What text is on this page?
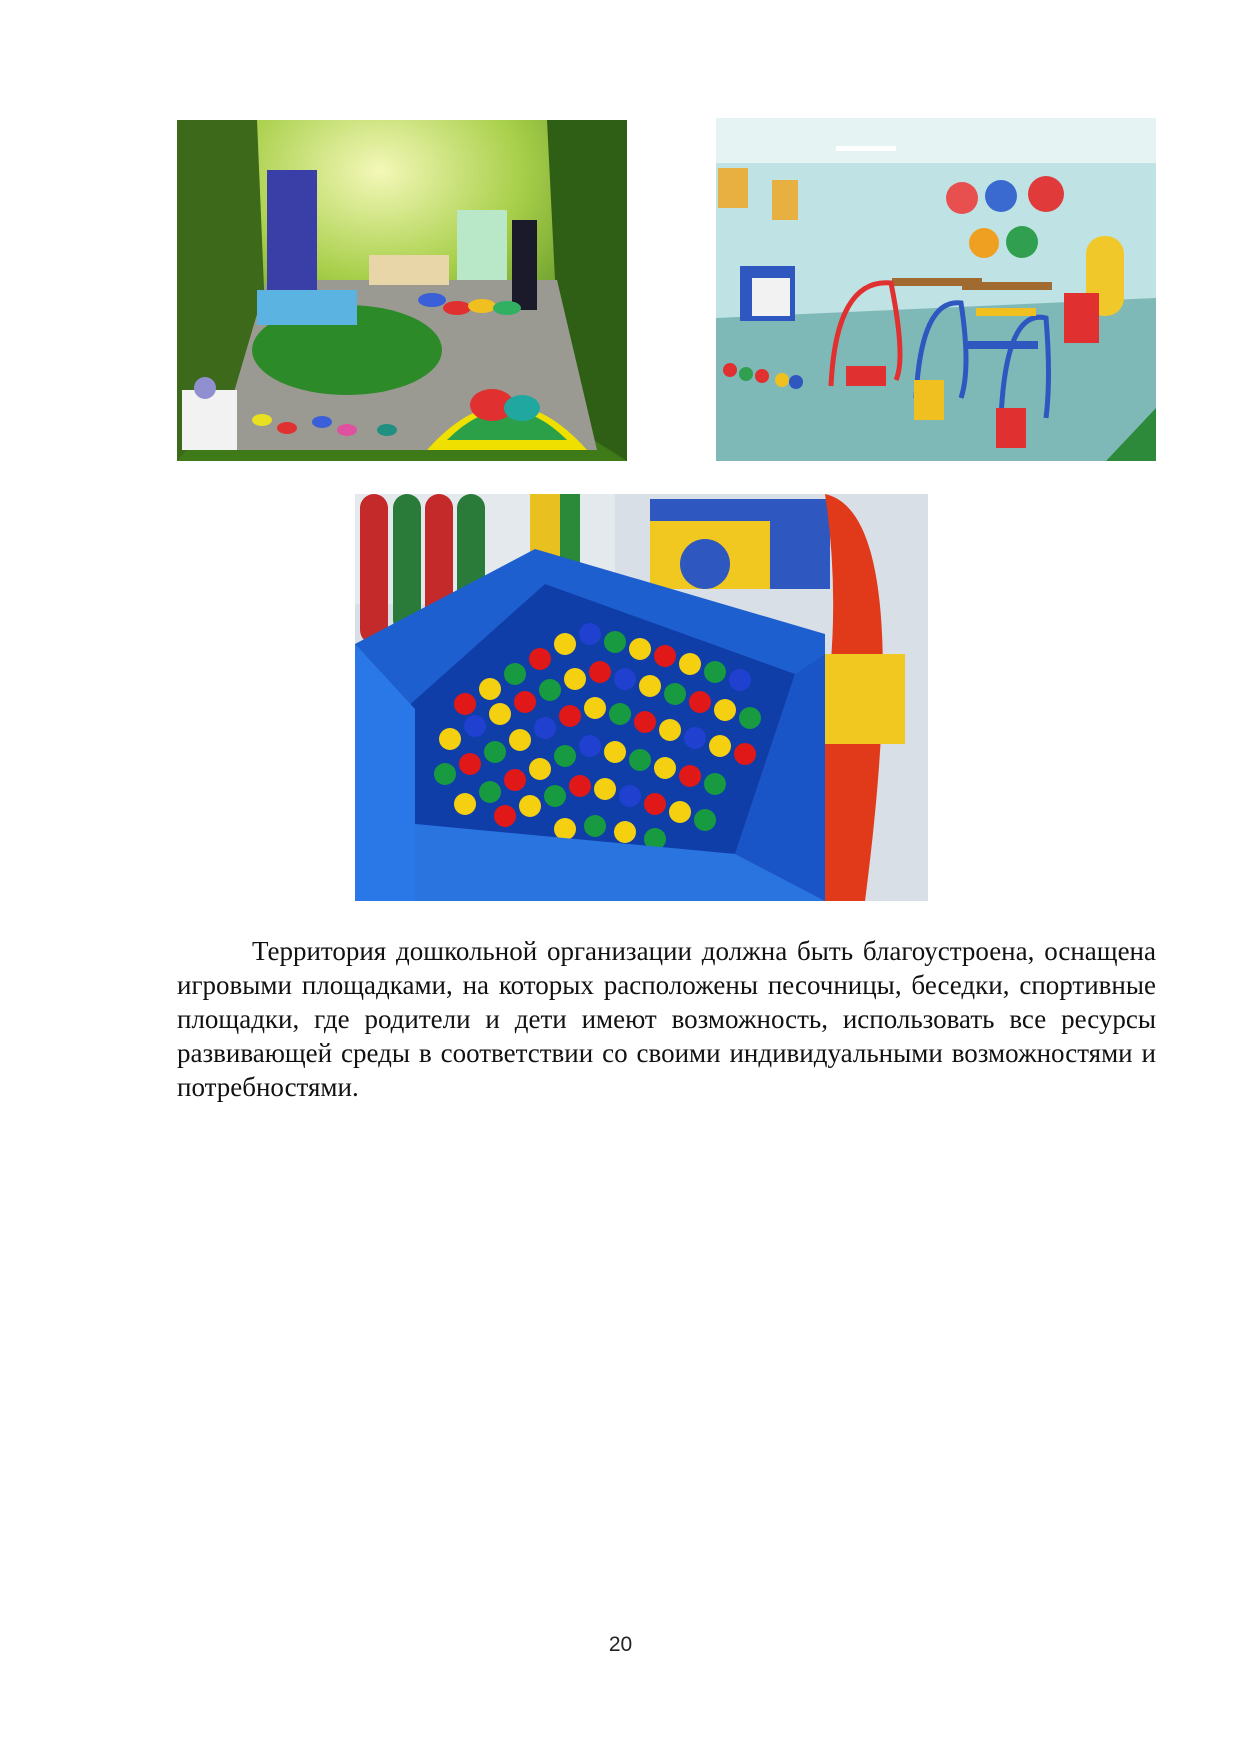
Территория дошкольной организации должна быть благоустроена, оснащена игровыми площадками, на которых расположены песочницы, беседки, спортивные площадки, где родители и дети имеют возможность, использовать все ресурсы развивающей среды в соответствии со своими индивидуальными возможностями и потребностями.

20
